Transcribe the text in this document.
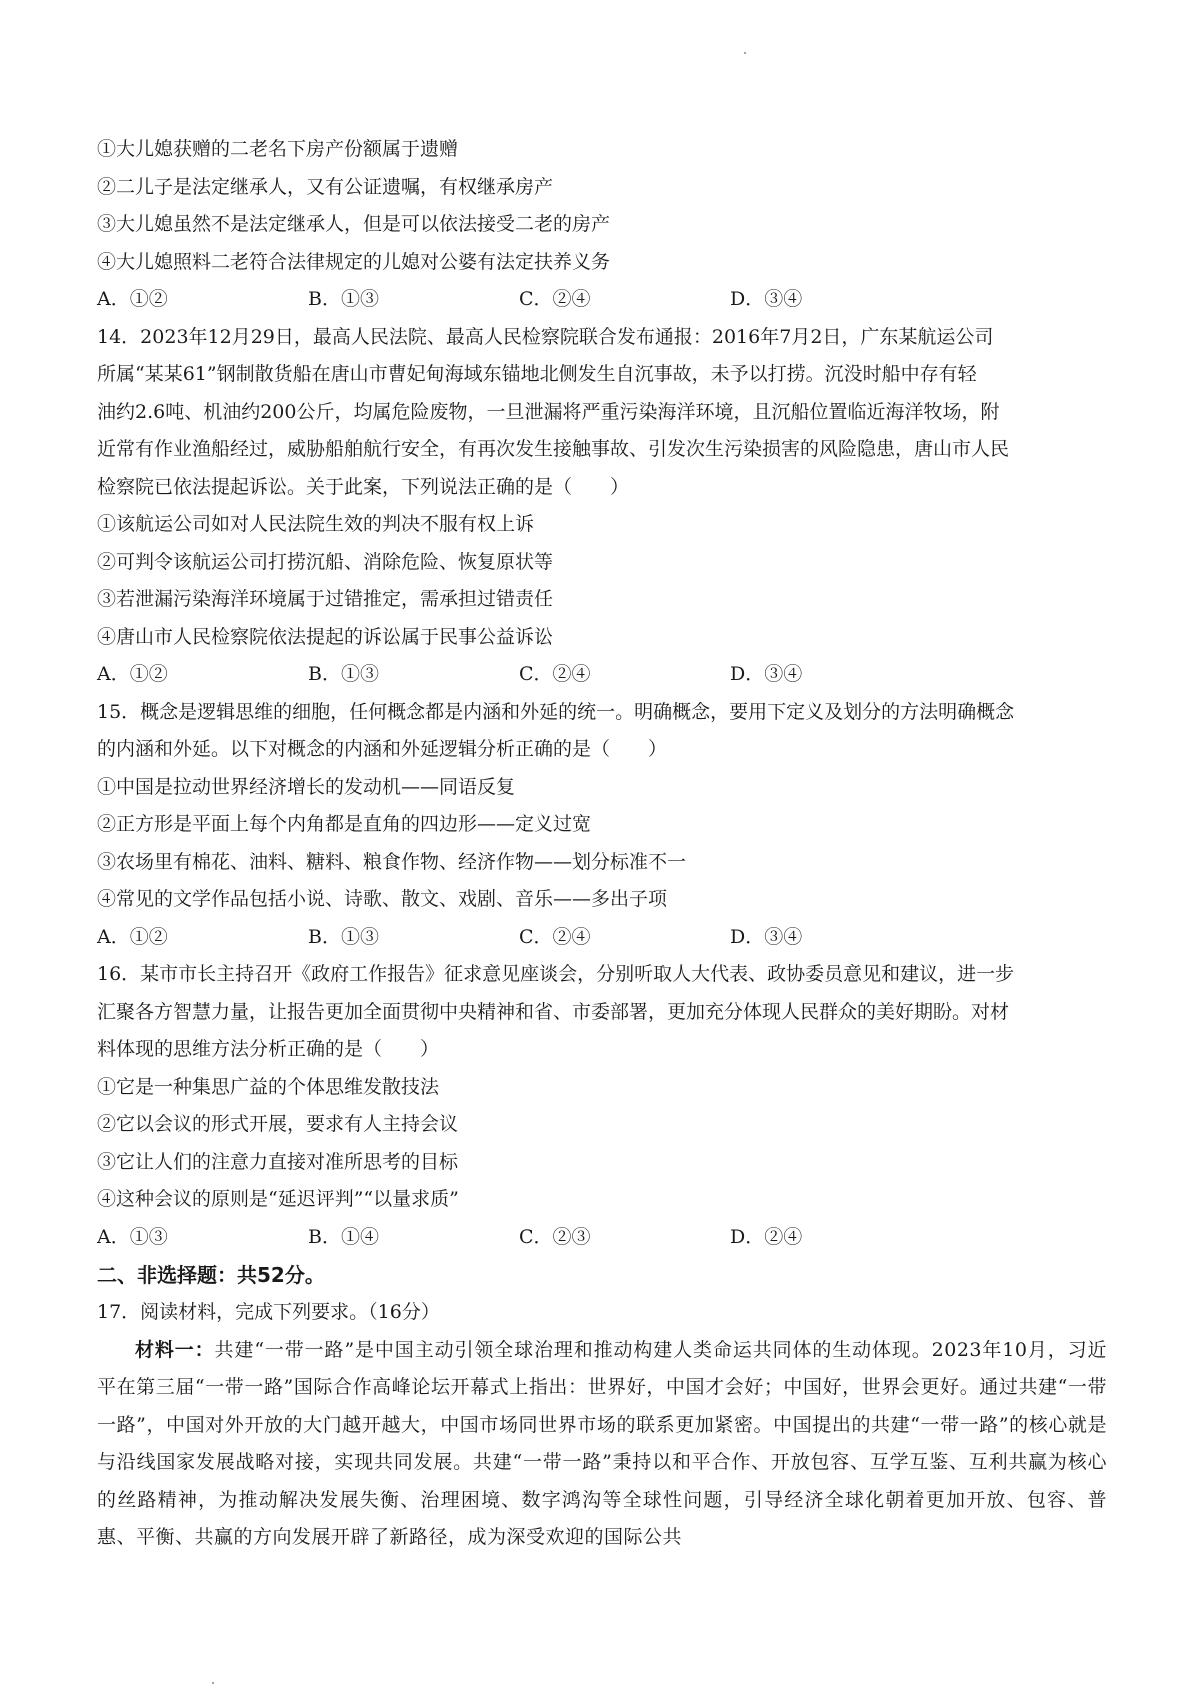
①大儿媳获赠的二老名下房产份额属于遗赠
②二儿子是法定继承人，又有公证遗嘱，有权继承房产
③大儿媳虽然不是法定继承人，但是可以依法接受二老的房产
④大儿媳照料二老符合法律规定的儿媳对公婆有法定扶养义务
A．①②	B．①③	C．②④	D．③④
14．2023年12月29日，最高人民法院、最高人民检察院联合发布通报：2016年7月2日，广东某航运公司
所属“某某61”钢制散货船在唐山市曹妃甸海域东锚地北侧发生自沉事故，未予以打捞。沉没时船中存有轻
油约2.6吨、机油约200公斤，均属危险废物，一旦泄漏将严重污染海洋环境，且沉船位置临近海洋牧场，附
近常有作业渔船经过，威胁船舶航行安全，有再次发生接触事故、引发次生污染损害的风险隐患，唐山市人民
检察院已依法提起诉讼。关于此案，下列说法正确的是（　　）
①该航运公司如对人民法院生效的判决不服有权上诉
②可判令该航运公司打捞沉船、消除危险、恢复原状等
③若泄漏污染海洋环境属于过错推定，需承担过错责任
④唐山市人民检察院依法提起的诉讼属于民事公益诉讼
A．①②	B．①③	C．②④	D．③④
15．概念是逻辑思维的细胞，任何概念都是内涵和外延的统一。明确概念，要用下定义及划分的方法明确概念
的内涵和外延。以下对概念的内涵和外延逻辑分析正确的是（　　）
①中国是拉动世界经济增长的发动机——同语反复
②正方形是平面上每个内角都是直角的四边形——定义过宽
③农场里有棉花、油料、糖料、粮食作物、经济作物——划分标准不一
④常见的文学作品包括小说、诗歌、散文、戏剧、音乐——多出子项
A．①②	B．①③	C．②④	D．③④
16．某市市长主持召开《政府工作报告》征求意见座谈会，分别听取人大代表、政协委员意见和建议，进一步
汇聚各方智慧力量，让报告更加全面贯彻中央精神和省、市委部署，更加充分体现人民群众的美好期盼。对材
料体现的思维方法分析正确的是（　　）
①它是一种集思广益的个体思维发散技法
②它以会议的形式开展，要求有人主持会议
③它让人们的注意力直接对准所思考的目标
④这种会议的原则是“延迟评判”“以量求质”
A．①③	B．①④	C．②③	D．②④
二、非选择题：共52分。
17．阅读材料，完成下列要求。（16分）
材料一：共建“一带一路”是中国主动引领全球治理和推动构建人类命运共同体的生动体现。2023年10月，习近平在第三届“一带一路”国际合作高峰论坛开幕式上指出：世界好，中国才会好；中国好，世界会更好。通过共建“一带一路”，中国对外开放的大门越开越大，中国市场同世界市场的联系更加紧密。中国提出的共建“一带一路”的核心就是与沿线国家发展战略对接，实现共同发展。共建“一带一路”秉持以和平合作、开放包容、互学互鉴、互利共赢为核心的丝路精神，为推动解决发展失衡、治理困境、数字鸿沟等全球性问题，引导经济全球化朝着更加开放、包容、普惠、平衡、共赢的方向发展开辟了新路径，成为深受欢迎的国际公共
